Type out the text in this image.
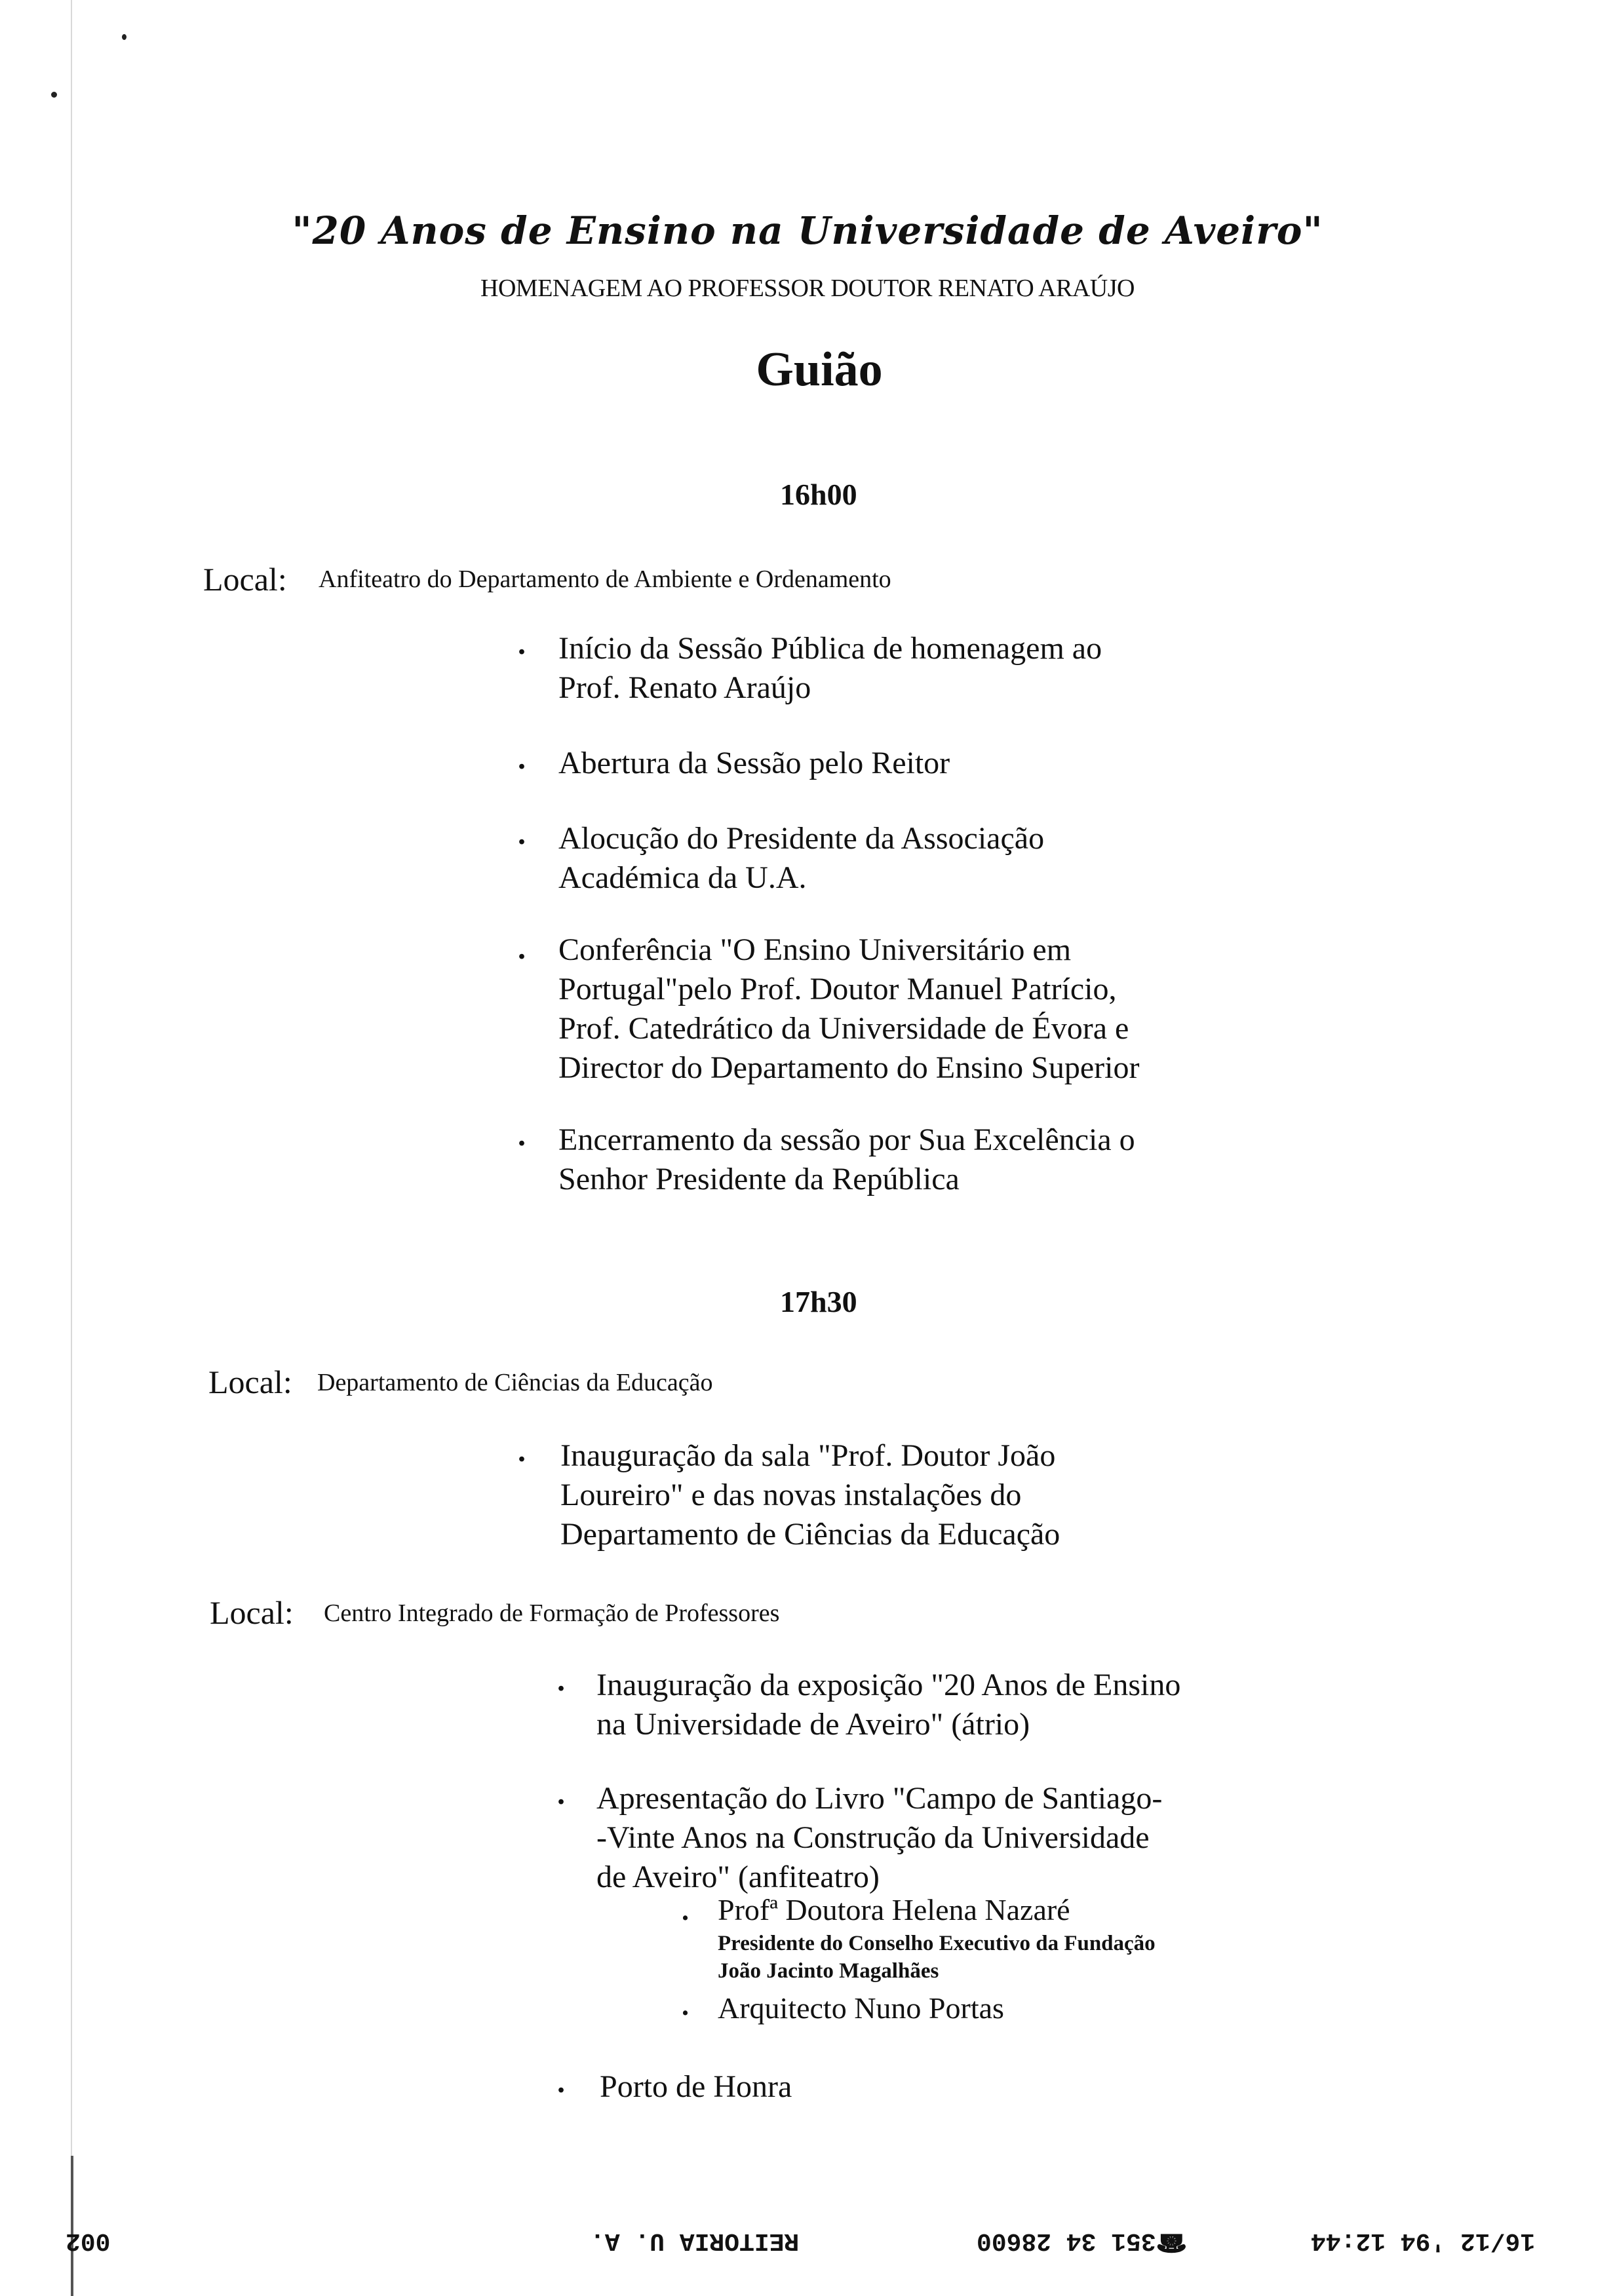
"20 Anos de Ensino na Universidade de Aveiro"
HOMENAGEM AO PROFESSOR DOUTOR RENATO ARAÚJO
Guião
16h00
Local: Anfiteatro do Departamento de Ambiente e Ordenamento
. Início da Sessão Pública de homenagem ao
Prof. Renato Araújo
. Abertura da Sessão pelo Reitor
. Alocução do Presidente da Associação
Académica da U.A.
. Conferência "O Ensino Universitário em
Portugal"pelo Prof. Doutor Manuel Patrício,
Prof. Catedrático da Universidade de Évora e
Director do Departamento do Ensino Superior
. Encerramento da sessão por Sua Excelência o
Senhor Presidente da República
17h30
Local: Departamento de Ciências da Educação
. Inauguração da sala "Prof. Doutor João
Loureiro" e das novas instalações do
Departamento de Ciências da Educação
Local: Centro Integrado de Formação de Professores
. Inauguração da exposição "20 Anos de Ensino
na Universidade de Aveiro" (átrio)
. Apresentação do Livro "Campo de Santiago-
-Vinte Anos na Construção da Universidade
de Aveiro" (anfiteatro)
. Profª Doutora Helena Nazaré
Presidente do Conselho Executivo da Fundação
João Jacinto Magalhães
. Arquitecto Nuno Portas
. Porto de Honra
16/12 '94 12:44
☎351 34 28600
REITORIA U. A.
002
